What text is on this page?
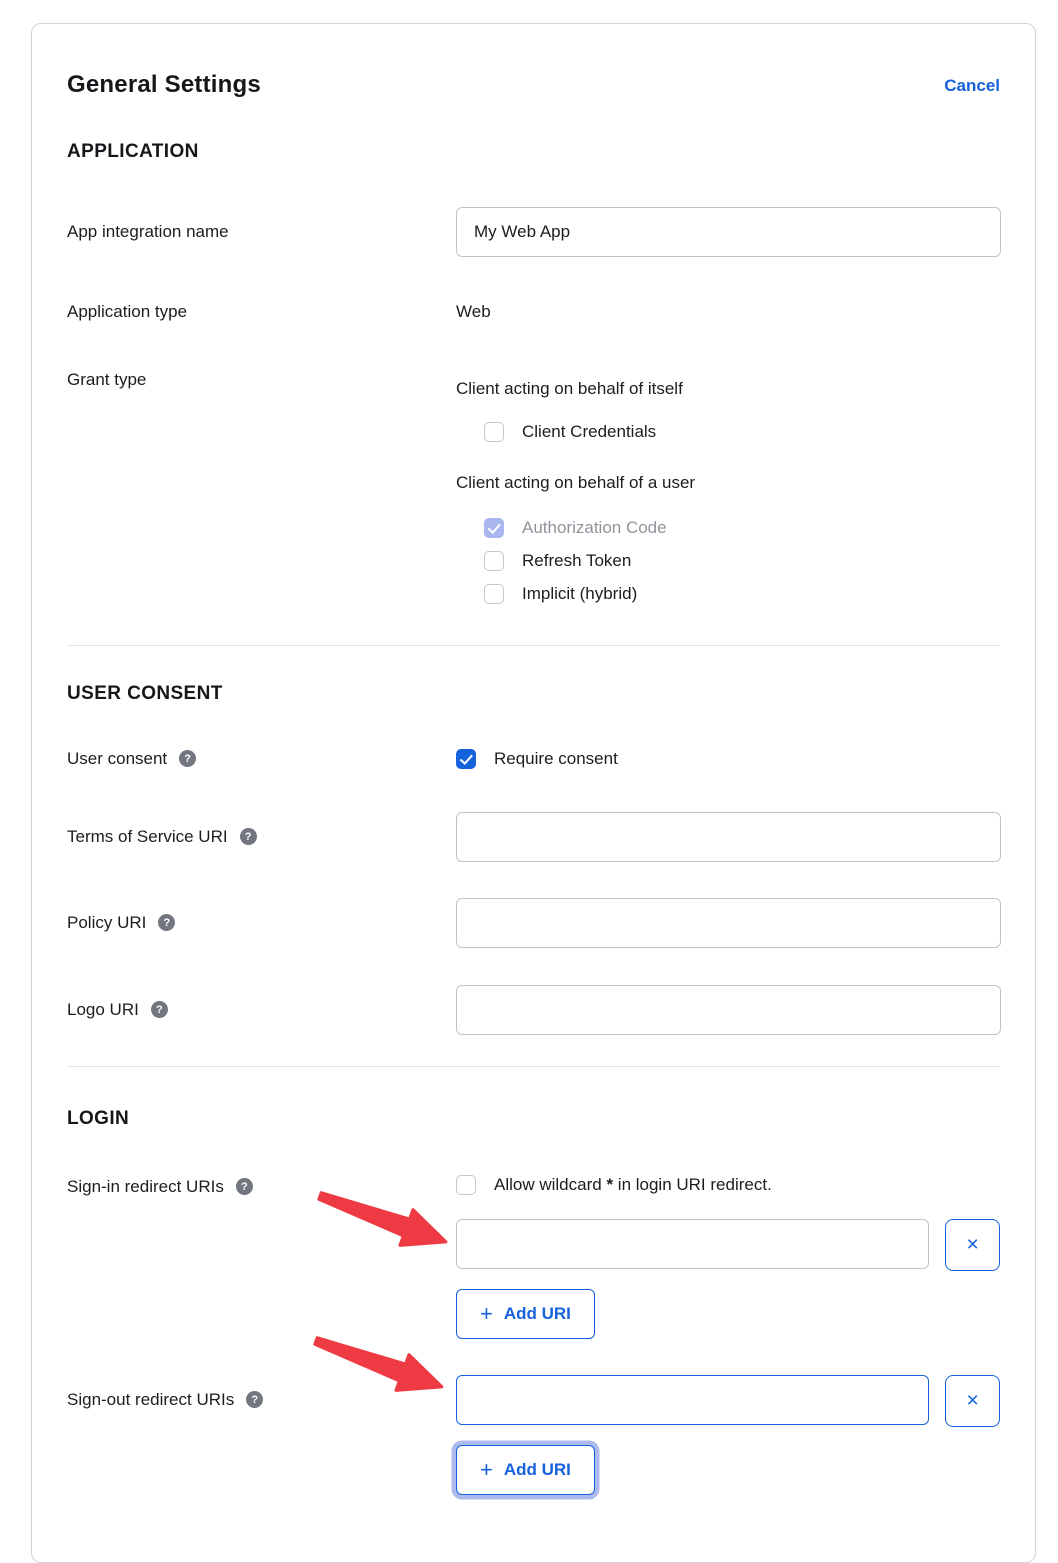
General Settings	Cancel
APPLICATION
App integration name
My Web App
Application type	Web
Grant type	Client acting on behalf of itself
Client Credentials
Client acting on behalf of a user
Authorization Code
Refresh Token
Implicit (hybrid)
USER CONSENT
User consent	?	Require consent
Terms of Service URI	?
Policy URI	?
Logo URI	?
LOGIN
Sign-in redirect URIs	?	Allow wildcard * in login URI redirect.
×
+ Add URI
Sign-out redirect URIs	?	×
+ Add URI
